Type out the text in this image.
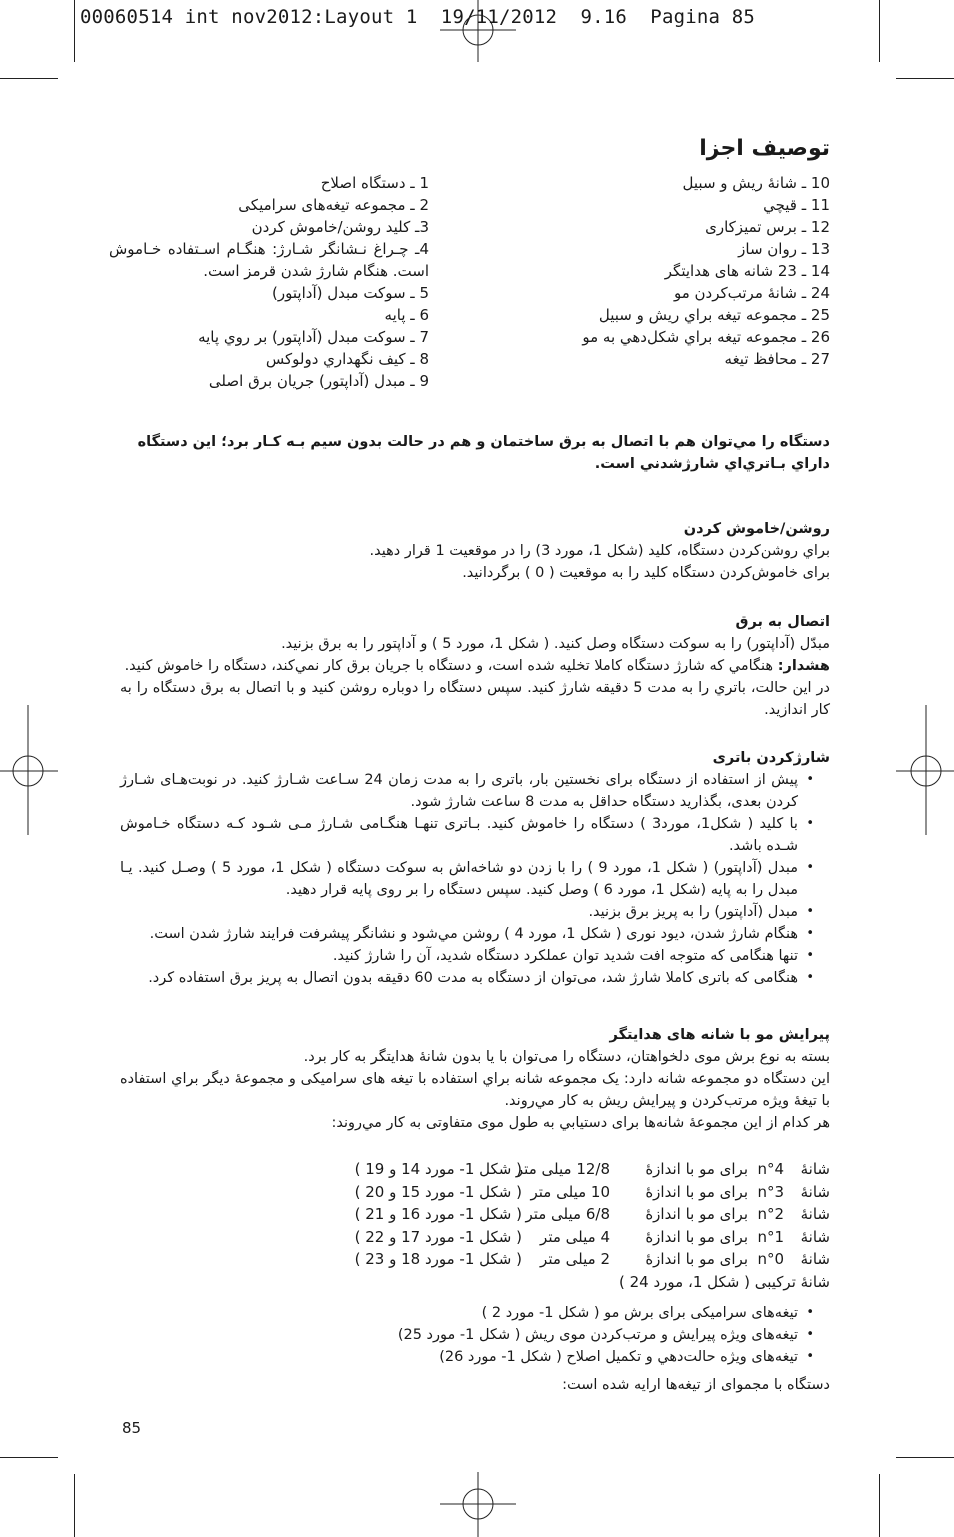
00060514 int nov2012:Layout 1  19/11/2012  9.16  Pagina 85
توصيف اجزا
10 ـ شانۀ ريش و سبيل
11 ـ قيچي
12 ـ برس تميزكاری
13 ـ روان ساز
14 ـ 23 شانه های هدایتگر
24 ـ شانۀ مرتب‌کردن مو
25 ـ مجموعه تيغه براي ريش و سبيل
26 ـ مجموعه تيغه براي شکل‌دهي به مو
27 ـ محافظ تيغه
1 ـ دستگاه اصلاح
2 ـ مجموعه تيغه‌های سرامیکی
3ـ کليد روشن/خاموش کردن
4ـ چـراغ نـشانگر شـارژ: هنگـام اسـتفاده خـاموش است. هنگام شارژ شدن قرمز است.
5 ـ سوکت مبدل (آداپتور)
6 ـ پايه
7 ـ سوکت مبدل (آداپتور) بر روي پايه
8 ـ کيف نگهداري دولوکس
9 ـ مبدل (آداپتور) جريان برق اصلی
دستگاه را مي‌توان هم با اتصال به برق ساختمان و هم در حالت بدون سيم بـه كـار برد؛ اين دستگاه داراي بـاتري‌اي شارژشدني است.
روشن/خاموش كردن
براي روشن‌كردن دستگاه، كليد (شكل 1، مورد 3) را در موقعيت 1 قرار دهيد.
برای خاموش‌كردن دستگاه كليد را به موقعيت ( 0 ) برگردانيد.
اتصال به برق
مبدّل (آداپتور) را به سوكت دستگاه وصل كنيد. ( شكل 1، مورد 5 ) و آداپتور را به برق بزنيد.
هشدار: هنگامي كه شارژ دستگاه كاملا تخليه شده است، و دستگاه با جريان برق كار نمي‌كند، دستگاه را خاموش كنيد.
در اين حالت، باتري را به مدت 5 دقيقه شارژ كنيد. سپس دستگاه را دوباره روشن كنيد و با اتصال به برق دستگاه را به كار اندازيد.
شارژكردن باتری
• پيش از استفاده از دستگاه برای نخستين بار، باتری را به مدت زمان 24 سـاعت شـارژ كنيد. در نوبت‌هـای شـارژ كردن بعدی، بگذاريد دستگاه حداقل به مدت 8 ساعت شارژ شود.
• با كليد ( شكل1، مورد3 ) دستگاه را خاموش كنيد. بـاتری تنهـا هنگـامی شـارژ مـی شـود كـه دستگاه خـاموش شـده باشد.
• مبدل (آداپتور) ( شكل 1، مورد 9 ) را با زدن دو شاخه‌اش به سوكت دستگاه ( شكل 1، مورد 5 ) وصـل كنيد. يـا مبدل را به پايه (شكل 1، مورد 6 ) وصل كنيد. سپس دستگاه را بر روی پايه قرار دهيد.
• مبدل (آداپتور) را به پريز برق بزنيد.
• هنگام شارژ شدن، ديود نوری ( شكل 1، مورد 4 ) روشن مي‌شود و نشانگر پيشرفت فرايند شارژ شدن است.
• تنها هنگامی كه متوجه افت شديد توان عملكرد دستگاه شديد، آن را شارژ كنيد.
• هنگامی كه باتری كاملا شارژ شد، می‌توان از دستگاه به مدت 60 دقيقه بدون اتصال به پريز برق استفاده كرد.
پيرايش مو با شانه های هدايتگر
بسته به نوع برش موی دلخواهتان، دستگاه را می‌توان با يا بدون شانۀ هدايتگر به كار برد.
اين دستگاه دو مجموعه شانه دارد: يک مجموعه شانه براي استفاده با تيغه های سراميكی و مجموعۀ ديگر براي استفاده با تيغۀ ويژه مرتب‌كردن و پيرايش ريش به كار مي‌روند.
هر كدام از اين مجموعۀ شانه‌ها برای دستيابي به طول موی متفاوتی به كار مي‌روند:
شانۀ
n°4
برای مو با اندازۀ
12/8 ميلی متر
( شكل 1- مورد 14 و 19 )
شانۀ
n°3
برای مو با اندازۀ
10 ميلی متر
( شكل 1- مورد 15 و 20 )
شانۀ
n°2
برای مو با اندازۀ
6/8 ميلی متر
( شكل 1- مورد 16 و 21 )
شانۀ
n°1
برای مو با اندازۀ
4 ميلی متر
( شكل 1- مورد 17 و 22 )
شانۀ
n°0
برای مو با اندازۀ
2 ميلی متر
( شكل 1- مورد 18 و 23 )
شانۀ تركيبی ( شكل 1، مورد 24 )
• تيغه‌های سراميكی برای برش مو ( شكل 1- مورد 2 )
• تيغه‌های ويژه پيرايش و مرتب‌كردن موی ريش ( شكل 1- مورد 25)
• تيغه‌های ويژه حالت‌دهي و تكميل اصلاح ( شكل 1- مورد 26)
دستگاه با مجموای از تيغه‌ها ارايه شده است:
85
